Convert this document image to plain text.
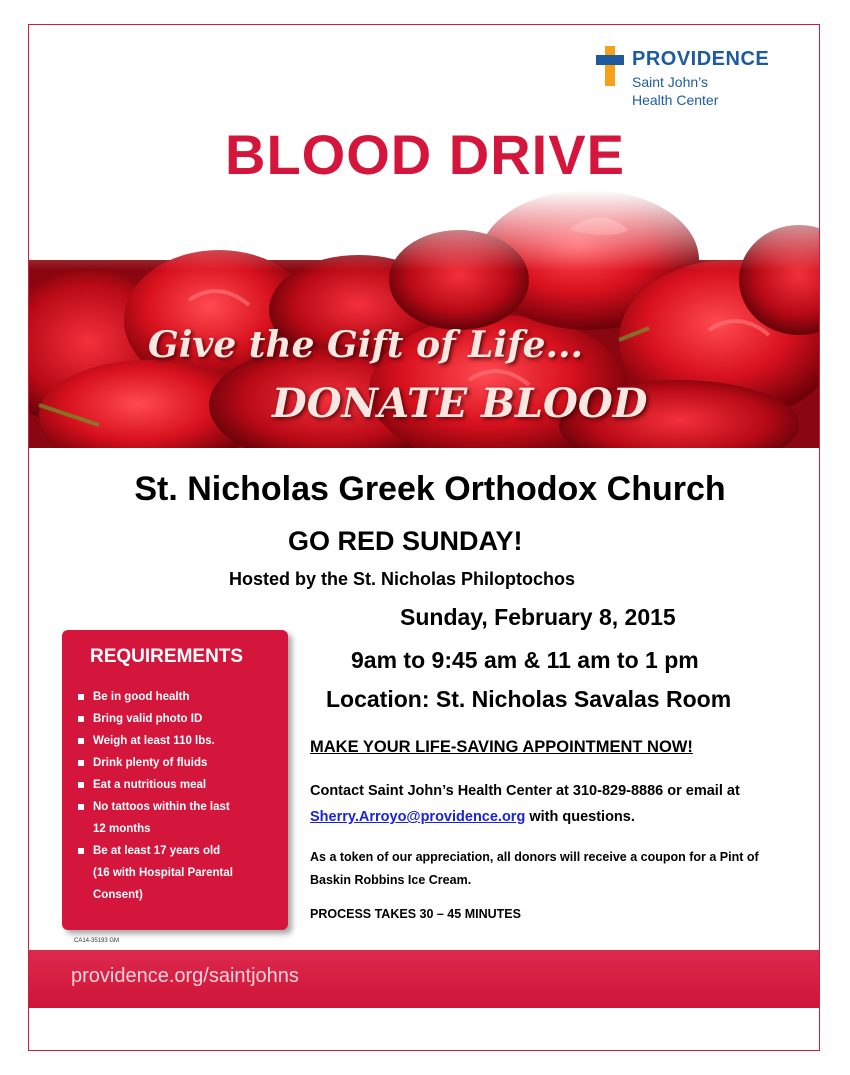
PROVIDENCE
Saint John’s
Health Center
BLOOD DRIVE
Give the Gift of Life...
DONATE BLOOD
St. Nicholas Greek Orthodox Church
GO RED SUNDAY!
Hosted by the St. Nicholas Philoptochos
Sunday, February 8, 2015
9am to 9:45 am & 11 am to 1 pm
Location: St. Nicholas Savalas Room
REQUIREMENTS
Be in good health
Bring valid photo ID
Weigh at least 110 lbs.
Drink plenty of fluids
Eat a nutritious meal
No tattoos within the last
12 months
Be at least 17 years old
(16 with Hospital Parental
Consent)
CA14-35193 GM
MAKE YOUR LIFE-SAVING APPOINTMENT NOW!
Contact Saint John’s Health Center at 310-829-8886 or email at Sherry.Arroyo@providence.org with questions.
As a token of our appreciation, all donors will receive a coupon for a Pint of Baskin Robbins Ice Cream.
PROCESS TAKES 30 – 45 MINUTES
providence.org/saintjohns
